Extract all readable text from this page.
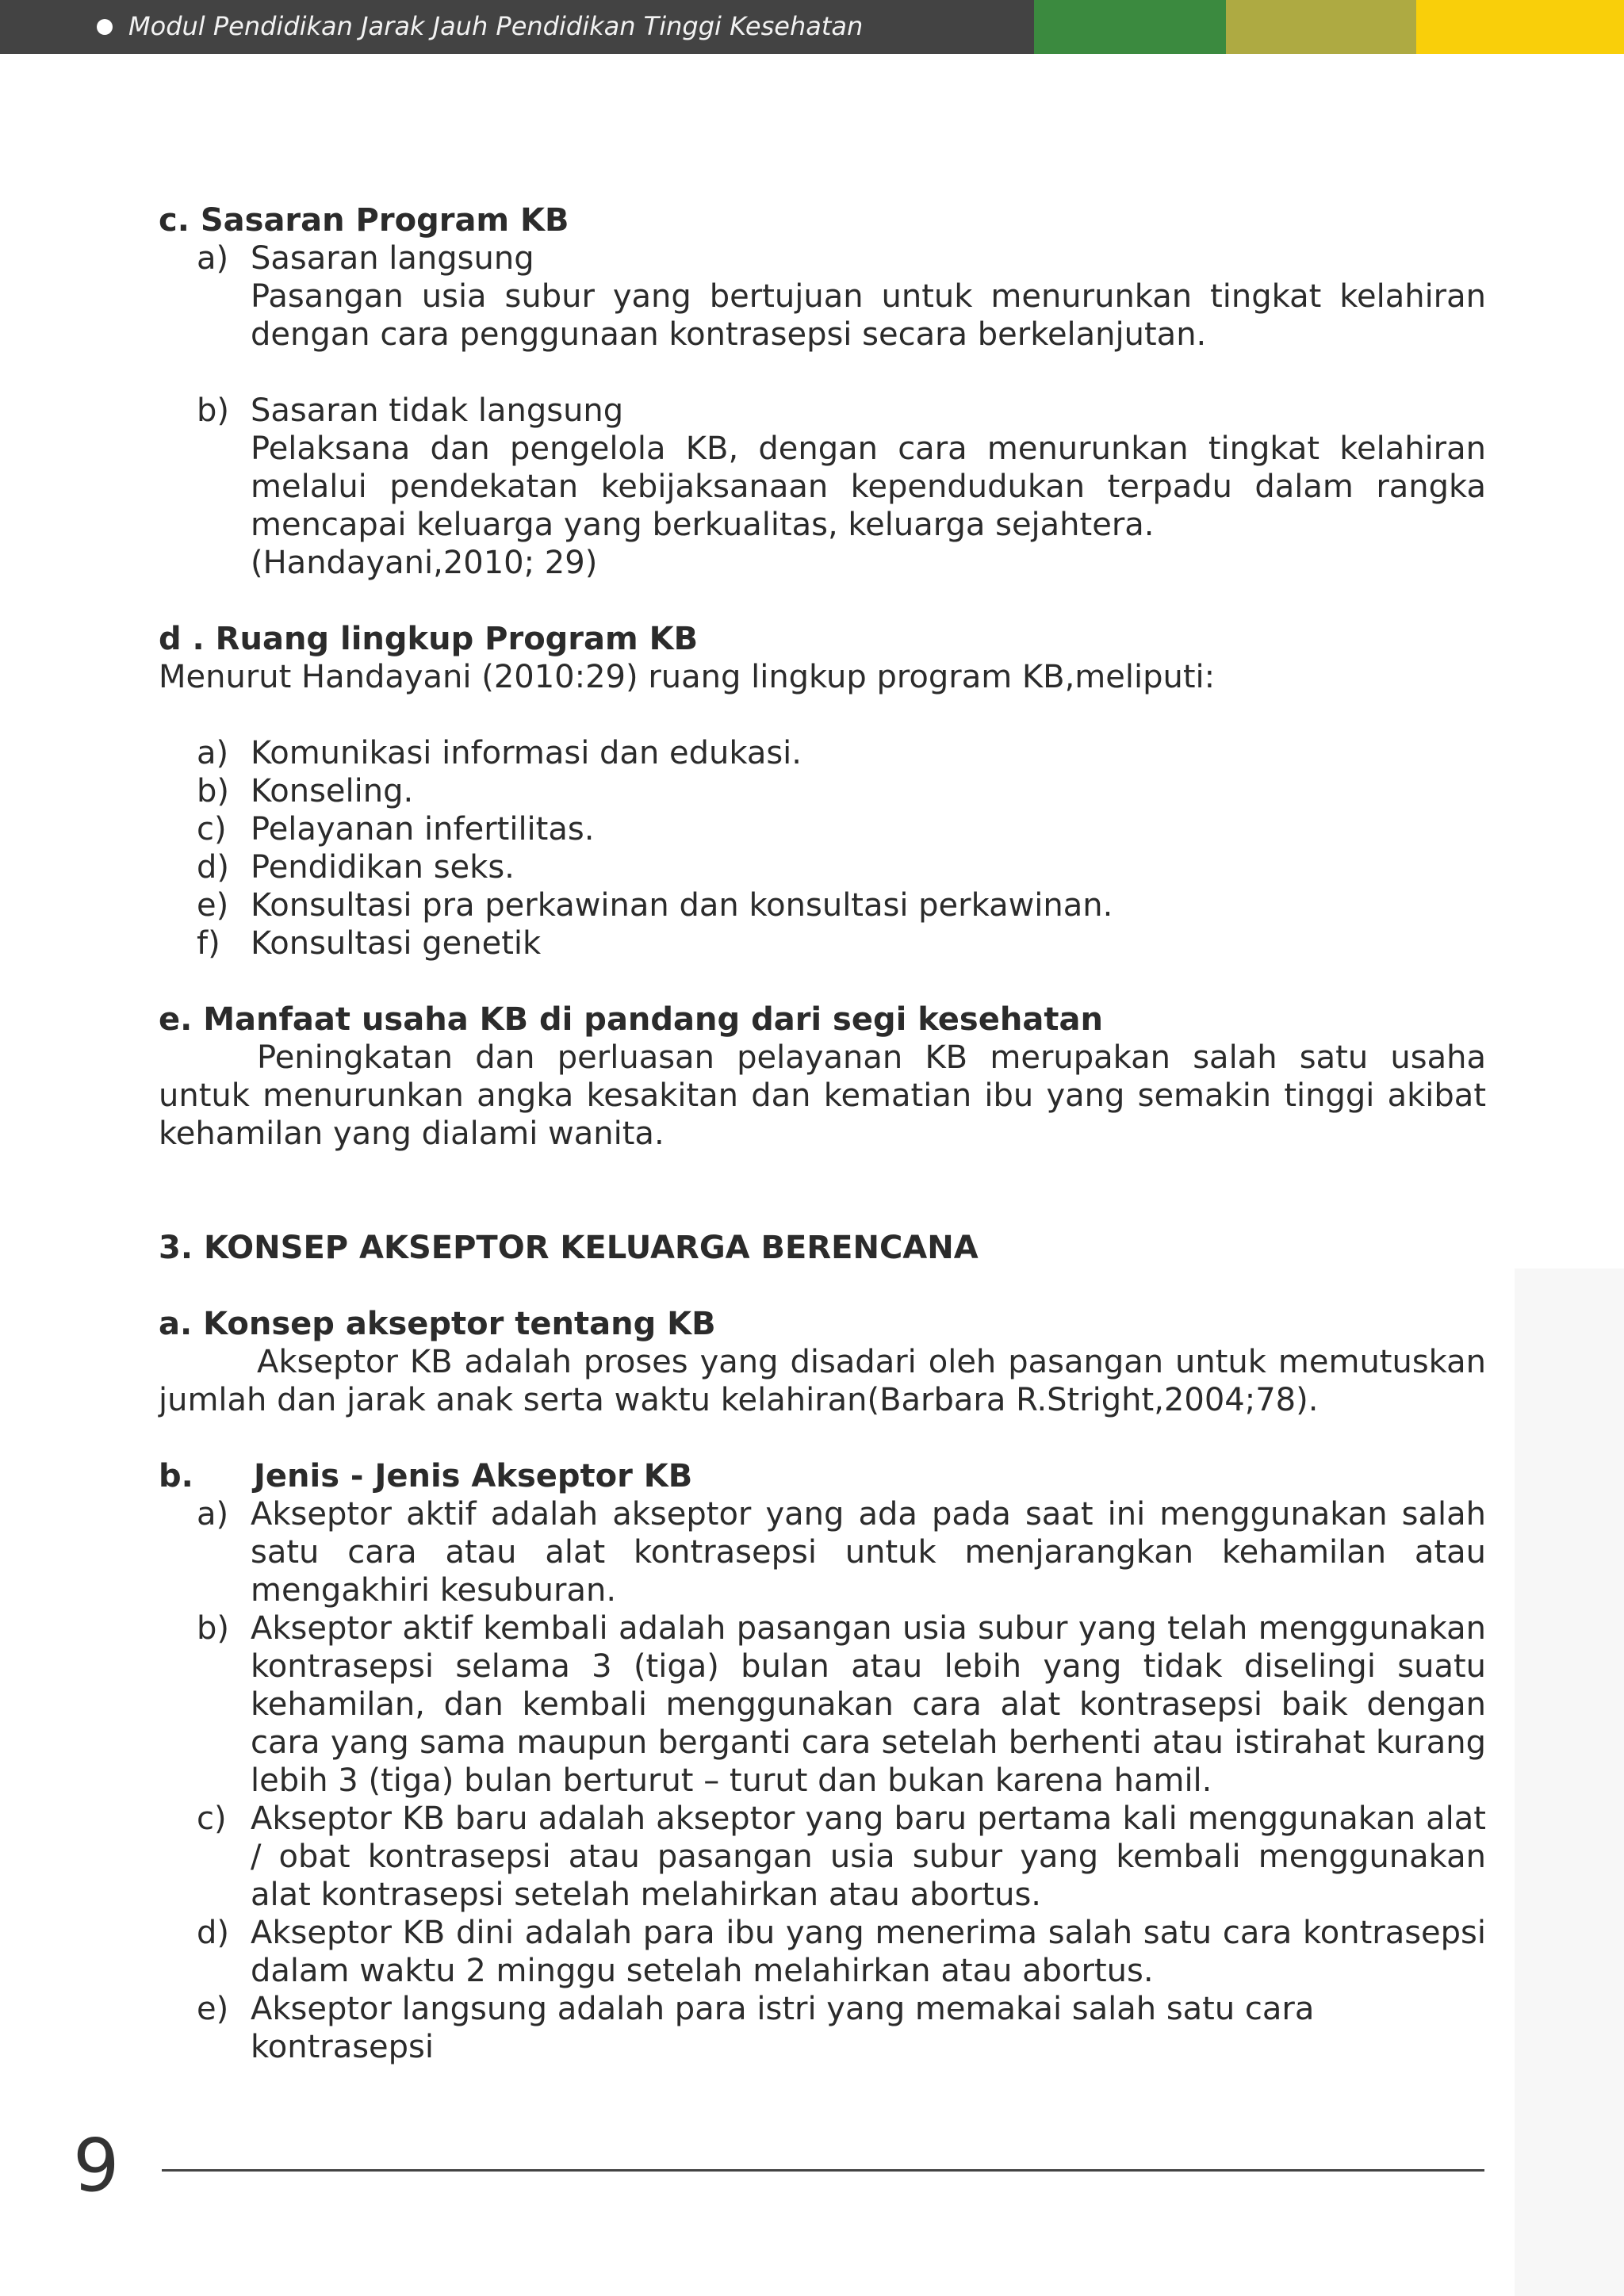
Modul Pendidikan Jarak Jauh Pendidikan Tinggi Kesehatan
c. Sasaran Program KB
a) Sasaran langsung
Pasangan usia subur yang bertujuan untuk menurunkan tingkat kelahiran dengan cara penggunaan kontrasepsi secara berkelanjutan.
b) Sasaran tidak langsung
Pelaksana dan pengelola KB, dengan cara menurunkan tingkat kelahiran melalui pendekatan kebijaksanaan kependudukan terpadu dalam rangka mencapai keluarga yang berkualitas, keluarga sejahtera.
(Handayani,2010; 29)
d . Ruang lingkup Program KB
Menurut Handayani (2010:29) ruang lingkup program KB,meliputi:
a) Komunikasi informasi dan edukasi.
b) Konseling.
c) Pelayanan infertilitas.
d) Pendidikan seks.
e) Konsultasi pra perkawinan dan konsultasi perkawinan.
f) Konsultasi genetik
e. Manfaat usaha KB di pandang dari segi kesehatan

Peningkatan dan perluasan pelayanan KB merupakan salah satu usaha untuk menurunkan angka kesakitan dan kematian ibu yang semakin tinggi akibat kehamilan yang dialami wanita.

3. KONSEP AKSEPTOR KELUARGA BERENCANA
a. Konsep akseptor tentang KB

Akseptor KB adalah proses yang disadari oleh pasangan untuk memutuskan jumlah dan jarak anak serta waktu kelahiran(Barbara R.Stright,2004;78).

b. Jenis - Jenis Akseptor KB
a) Akseptor aktif adalah akseptor yang ada pada saat ini menggunakan salah satu cara atau alat kontrasepsi untuk menjarangkan kehamilan atau mengakhiri kesuburan.
b) Akseptor aktif kembali adalah pasangan usia subur yang telah menggunakan kontrasepsi selama 3 (tiga) bulan atau lebih yang tidak diselingi suatu kehamilan, dan kembali menggunakan cara alat kontrasepsi baik dengan cara yang sama maupun berganti cara setelah berhenti atau istirahat kurang lebih 3 (tiga) bulan berturut – turut dan bukan karena hamil.
c) Akseptor KB baru adalah akseptor yang baru pertama kali menggunakan alat / obat kontrasepsi atau pasangan usia subur yang kembali menggunakan alat kontrasepsi setelah melahirkan atau abortus.
d) Akseptor KB dini adalah para ibu yang menerima salah satu cara kontrasepsi dalam waktu 2 minggu setelah melahirkan atau abortus.
e) Akseptor langsung adalah para istri yang memakai salah satu cara kontrasepsi
9
